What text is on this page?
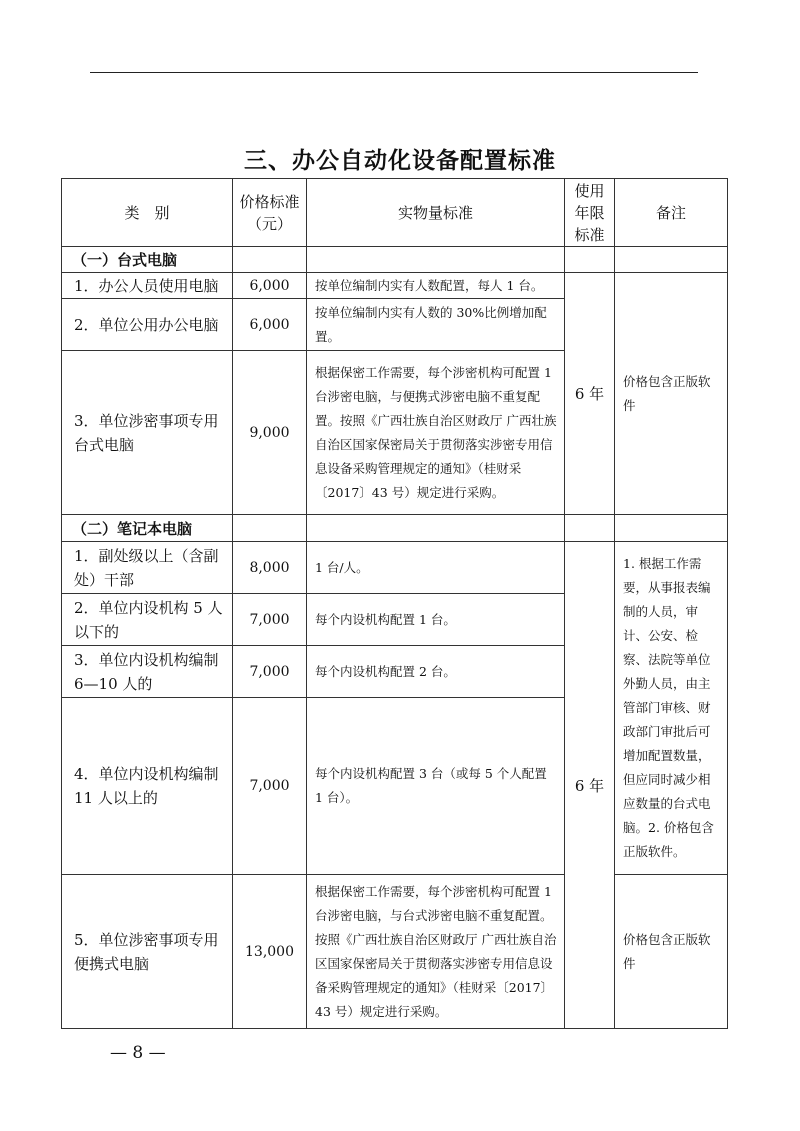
三、办公自动化设备配置标准
类　别	价格标准（元）	实物量标准	使用年限标准	备注
（一）台式电脑				
1．办公人员使用电脑	6,000	按单位编制内实有人数配置，每人 1 台。	6 年	价格包含正版软件
2．单位公用办公电脑	6,000	按单位编制内实有人数的 30%比例增加配置。		
3．单位涉密事项专用台式电脑	9,000	根据保密工作需要，每个涉密机构可配置 1 台涉密电脑，与便携式涉密电脑不重复配置。按照《广西壮族自治区财政厅 广西壮族自治区国家保密局关于贯彻落实涉密专用信息设备采购管理规定的通知》（桂财采〔2017〕43 号）规定进行采购。		
（二）笔记本电脑				
1．副处级以上（含副处）干部	8,000	1 台/人。	6 年	1. 根据工作需要，从事报表编制的人员，审计、公安、检察、法院等单位外勤人员，由主管部门审核、财政部门审批后可增加配置数量，但应同时减少相应数量的台式电脑。2. 价格包含正版软件。
2．单位内设机构 5 人以下的	7,000	每个内设机构配置 1 台。		
3．单位内设机构编制 6—10 人的	7,000	每个内设机构配置 2 台。		
4．单位内设机构编制 11 人以上的	7,000	每个内设机构配置 3 台（或每 5 个人配置 1 台）。		
5．单位涉密事项专用便携式电脑	13,000	根据保密工作需要，每个涉密机构可配置 1 台涉密电脑，与台式涉密电脑不重复配置。按照《广西壮族自治区财政厅 广西壮族自治区国家保密局关于贯彻落实涉密专用信息设备采购管理规定的通知》（桂财采〔2017〕43 号）规定进行采购。		价格包含正版软件
— 8 —
